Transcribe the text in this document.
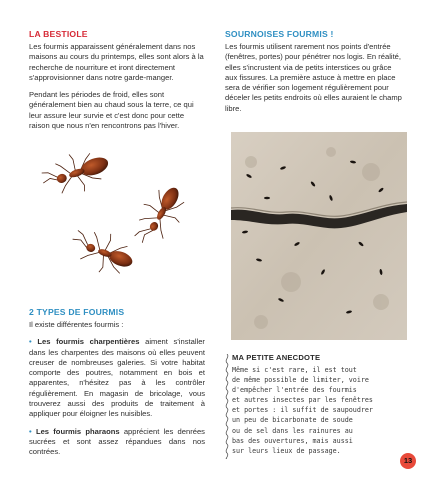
LA BESTIOLE

Les fourmis apparaissent généralement dans nos maisons au cours du printemps, elles sont alors à la recherche de nourriture et iront directement s'approvisionner dans notre garde-manger.

Pendant les périodes de froid, elles sont généralement bien au chaud sous la terre, ce qui leur assure leur survie et c'est donc pour cette raison que nous n'en rencontrons pas l'hiver.

SOURNOISES FOURMIS !

Les fourmis utilisent rarement nos points d'entrée (fenêtres, portes) pour pénétrer nos logis. En réalité, elles s'incrustent via de petits interstices ou grâce aux fissures. La première astuce à mettre en place sera de vérifier son logement régulièrement pour déceler les petits endroits où elles auraient le champ libre.

2 TYPES DE FOURMIS

Il existe différentes fourmis :

• Les fourmis charpentières aiment s'installer dans les charpentes des maisons où elles peuvent creuser de nombreuses galeries. Si votre habitat comporte des poutres, notamment en bois et apparentes, n'hésitez pas à les contrôler régulièrement. En magasin de bricolage, vous trouverez aussi des produits de traitement à appliquer pour éloigner les nuisibles.

• Les fourmis pharaons apprécient les denrées sucrées et sont assez répandues dans nos contrées.

MA PETITE ANECDOTE
Même si c'est rare, il est tout
de même possible de limiter, voire
d'empêcher l'entrée des fourmis
et autres insectes par les fenêtres
et portes : il suffit de saupoudrer
un peu de bicarbonate de soude
ou de sel dans les rainures au
bas des ouvertures, mais aussi
sur leurs lieux de passage.
13
